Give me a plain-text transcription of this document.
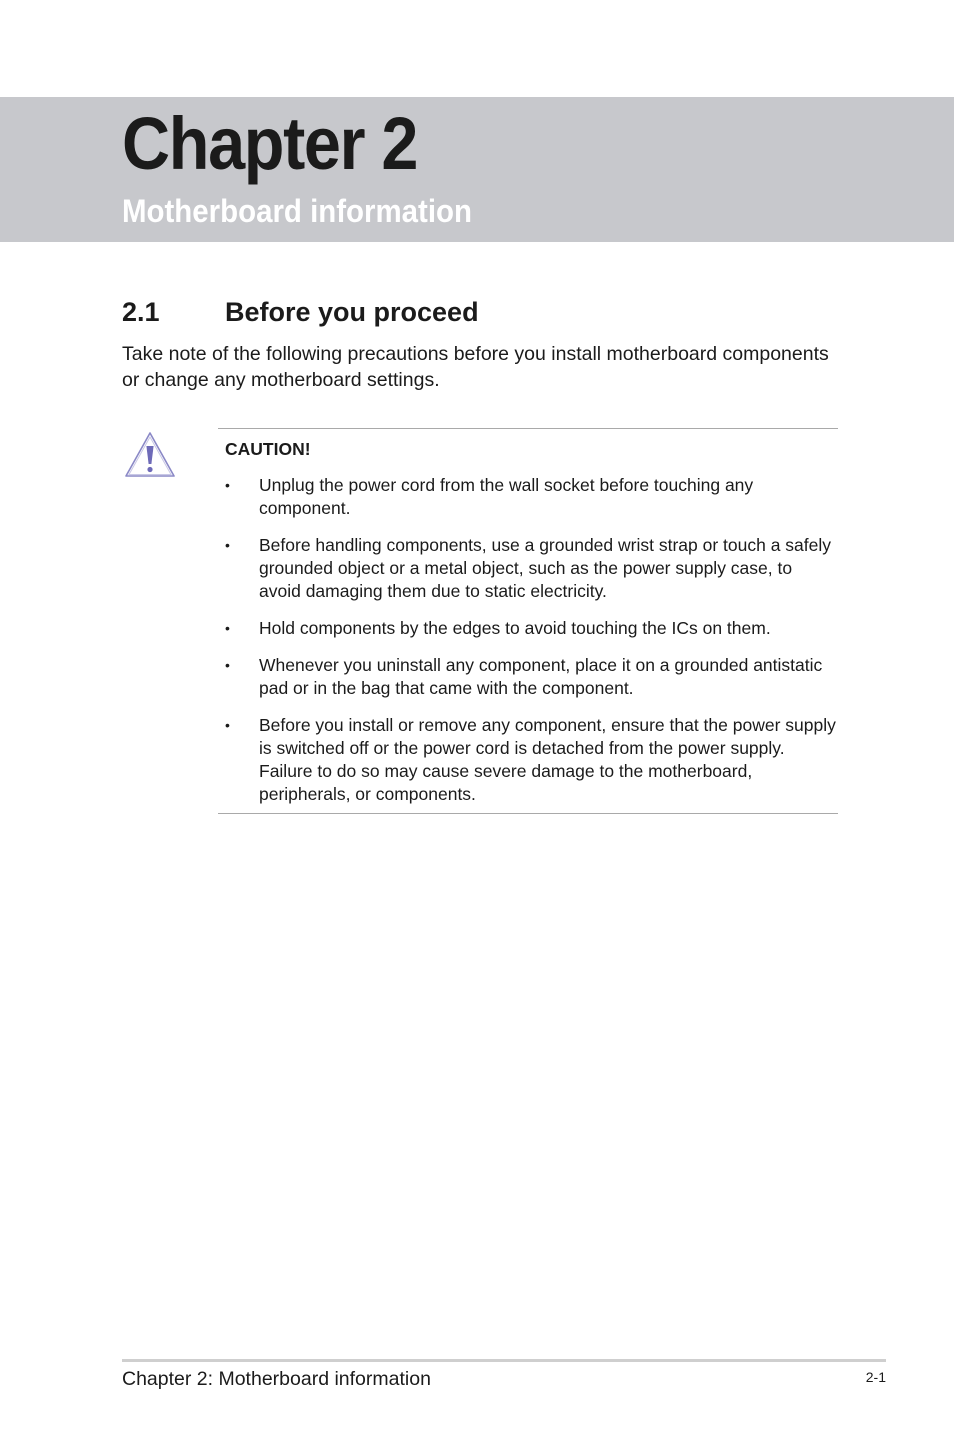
Chapter 2
Motherboard information
2.1 Before you proceed

Take note of the following precautions before you install motherboard components or change any motherboard settings.

CAUTION!

• Unplug the power cord from the wall socket before touching any component.
• Before handling components, use a grounded wrist strap or touch a safely grounded object or a metal object, such as the power supply case, to avoid damaging them due to static electricity.
• Hold components by the edges to avoid touching the ICs on them.
• Whenever you uninstall any component, place it on a grounded antistatic pad or in the bag that came with the component.
• Before you install or remove any component, ensure that the power supply is switched off or the power cord is detached from the power supply. Failure to do so may cause severe damage to the motherboard, peripherals, or components.

Chapter 2: Motherboard information	2-1
